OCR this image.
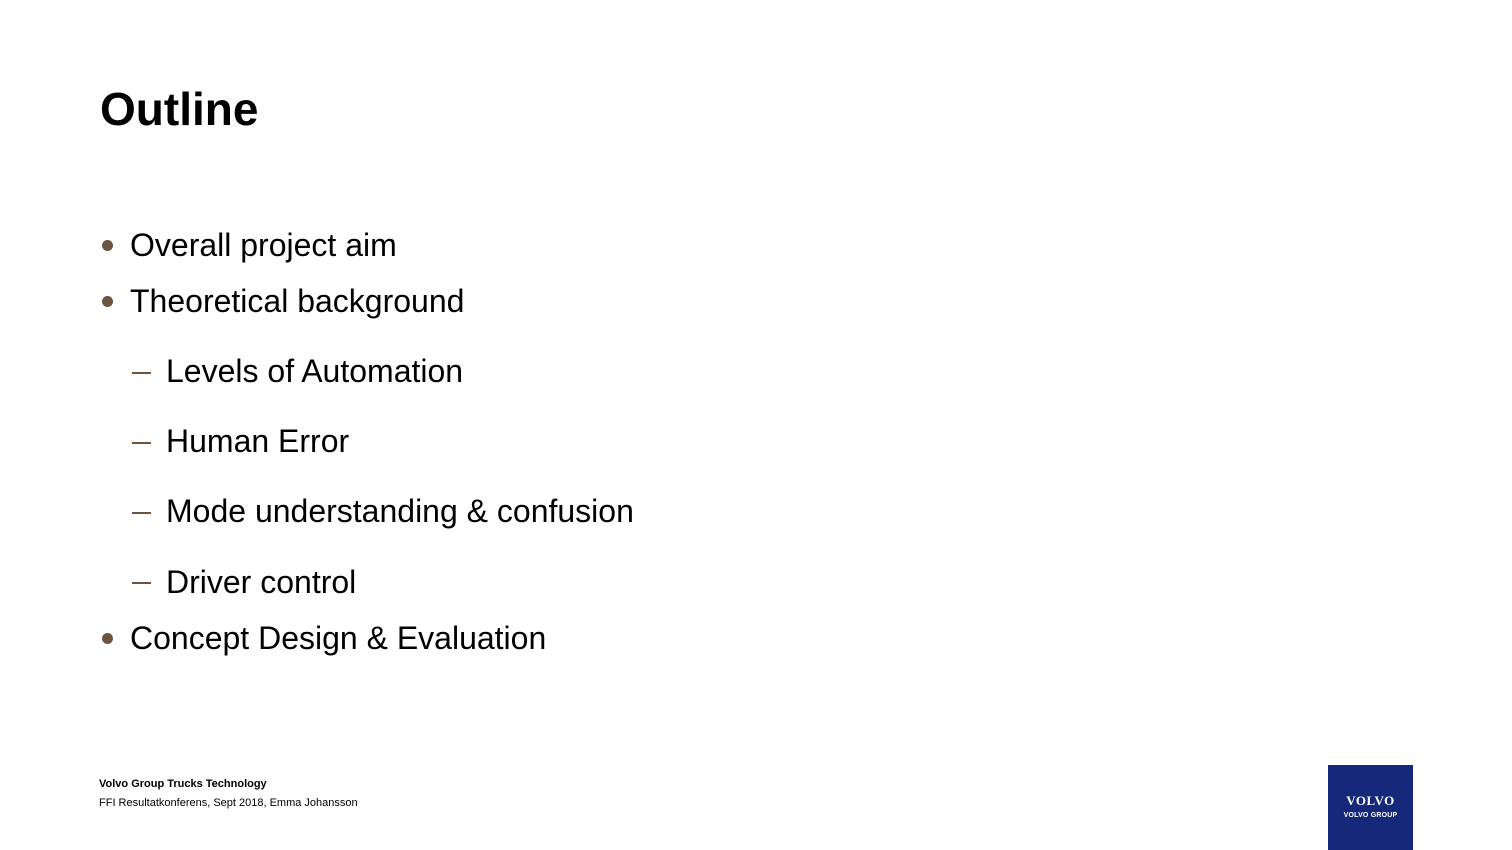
Outline
Overall project aim
Theoretical background
Levels of Automation
Human Error
Mode understanding & confusion
Driver control
Concept Design & Evaluation
Volvo Group Trucks Technology
FFI Resultatkonferens, Sept 2018, Emma Johansson	VOLVO
VOLVO GROUP
